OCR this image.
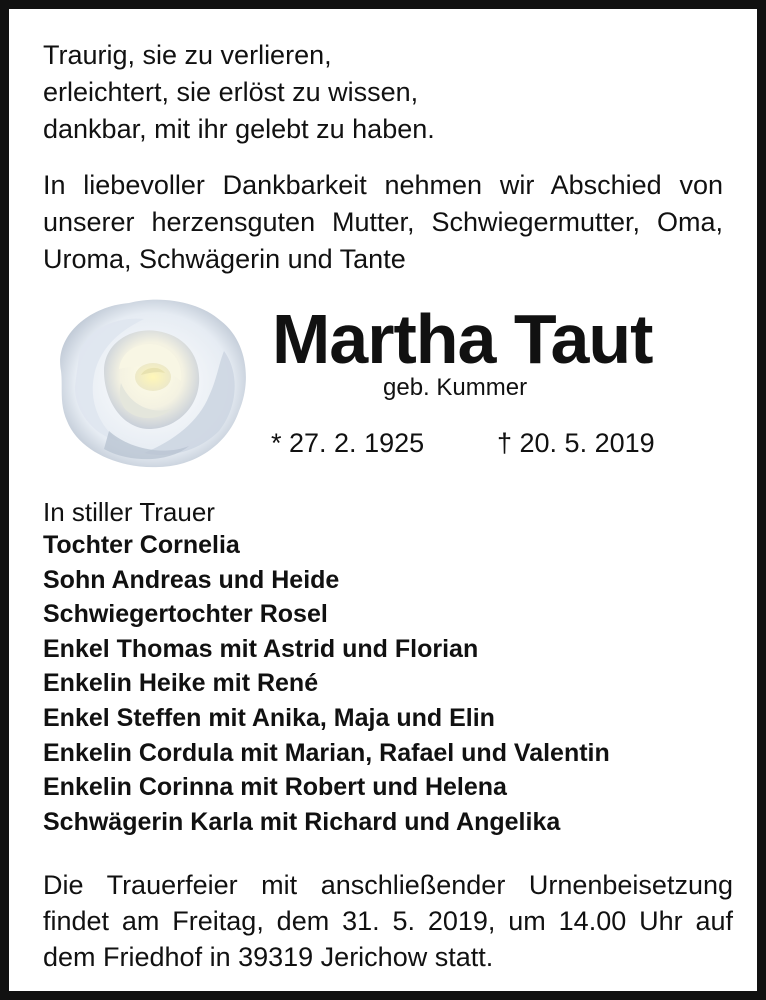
Traurig, sie zu verlieren,
erleichtert, sie erlöst zu wissen,
dankbar, mit ihr gelebt zu haben.
In liebevoller Dankbarkeit nehmen wir Abschied von
unserer herzensguten Mutter, Schwiegermutter, Oma,
Uroma, Schwägerin und Tante
Martha Taut
geb. Kummer
* 27. 2. 1925	† 20. 5. 2019
In stiller Trauer
Tochter Cornelia
Sohn Andreas und Heide
Schwiegertochter Rosel
Enkel Thomas mit Astrid und Florian
Enkelin Heike mit René
Enkel Steffen mit Anika, Maja und Elin
Enkelin Cordula mit Marian, Rafael und Valentin
Enkelin Corinna mit Robert und Helena
Schwägerin Karla mit Richard und Angelika
Die Trauerfeier mit anschließender Urnenbeisetzung
findet am Freitag, dem 31. 5. 2019, um 14.00 Uhr auf
dem Friedhof in 39319 Jerichow statt.
